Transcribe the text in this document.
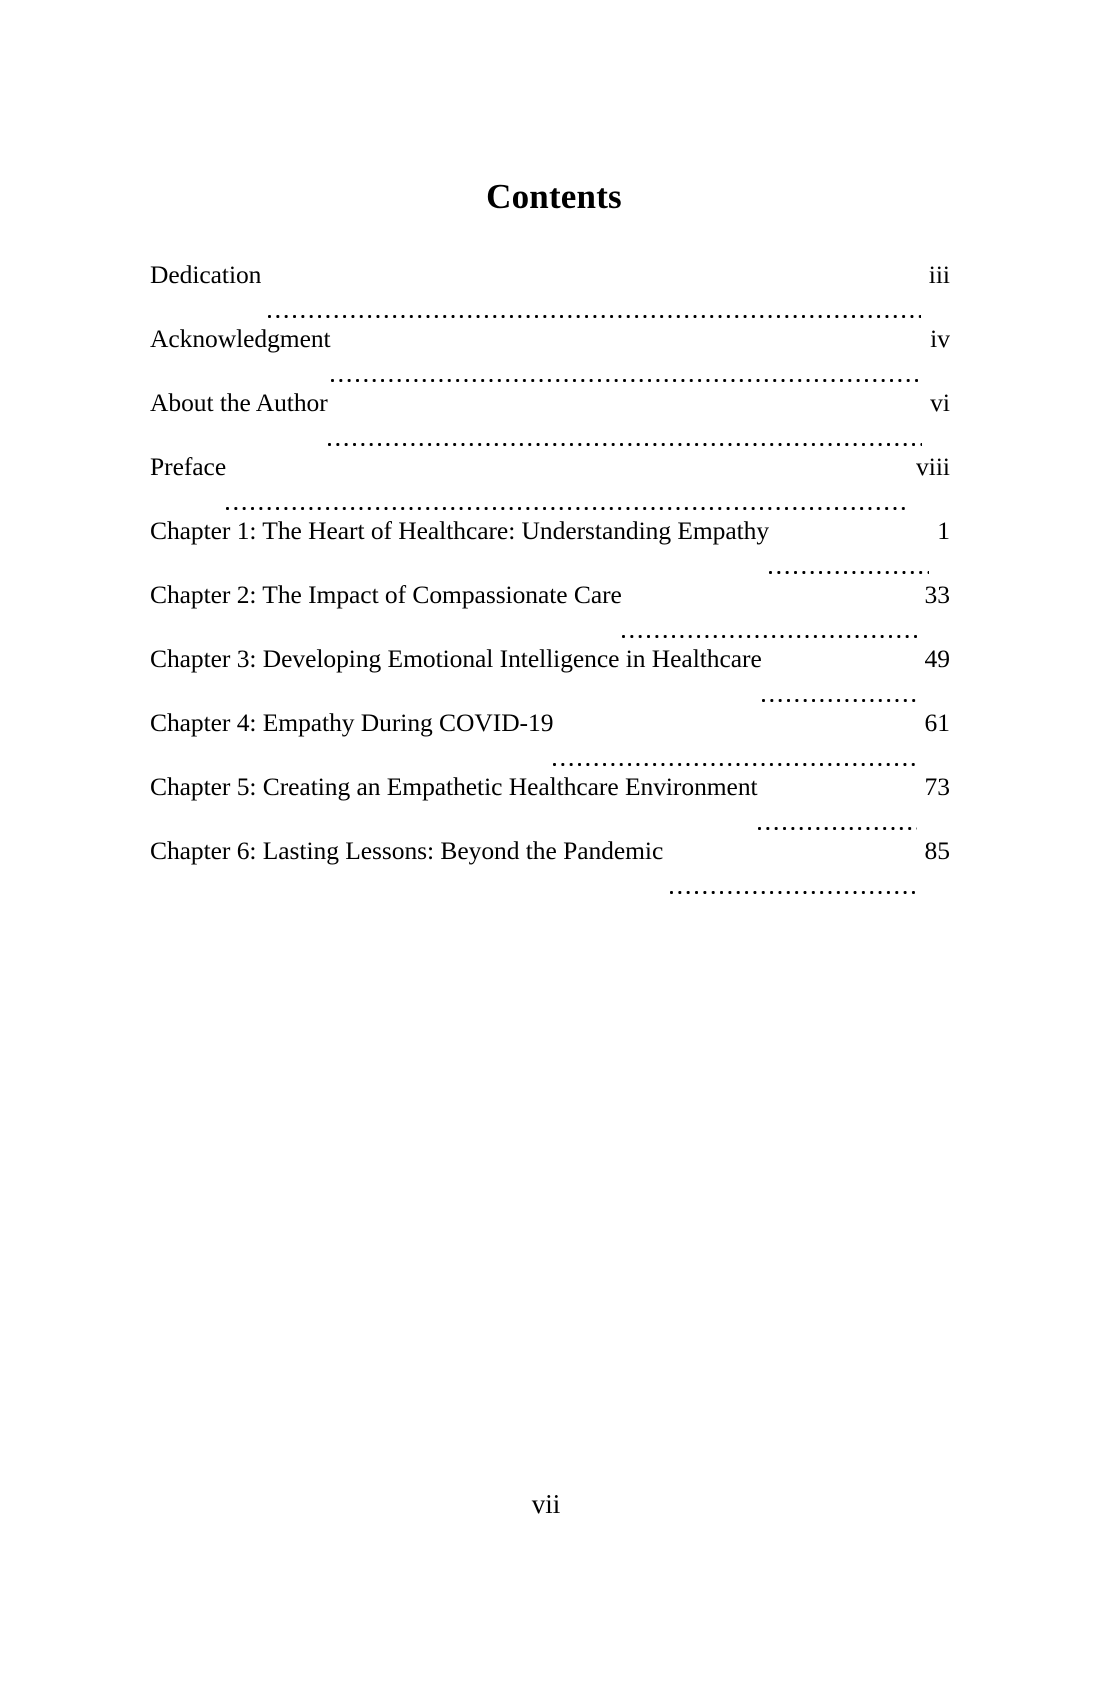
Contents
Dedication	iii
Acknowledgment	iv
About the Author	vi
Preface	viii
Chapter 1: The Heart of Healthcare: Understanding Empathy	1
Chapter 2: The Impact of Compassionate Care	33
Chapter 3: Developing Emotional Intelligence in Healthcare	49
Chapter 4: Empathy During COVID-19	61
Chapter 5: Creating an Empathetic Healthcare Environment	73
Chapter 6: Lasting Lessons: Beyond the Pandemic	85
vii
